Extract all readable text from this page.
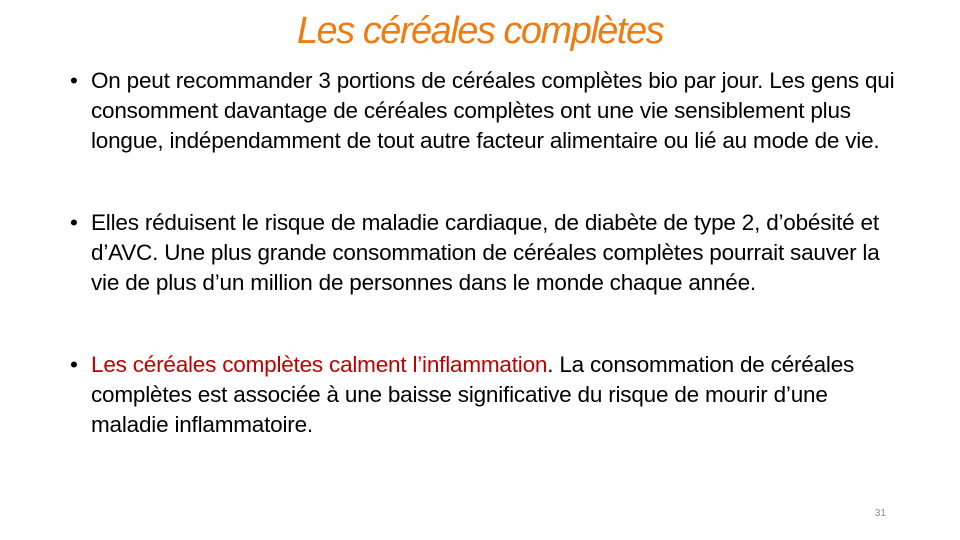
Les céréales complètes
• On peut recommander 3 portions de céréales complètes bio par jour. Les gens qui consomment davantage de céréales complètes ont une vie sensiblement plus longue, indépendamment de tout autre facteur alimentaire ou lié au mode de vie.
• Elles réduisent le risque de maladie cardiaque, de diabète de type 2, d’obésité et d’AVC. Une plus grande consommation de céréales complètes pourrait sauver la vie de plus d’un million de personnes dans le monde chaque année.
• Les céréales complètes calment l’inflammation. La consommation de céréales complètes est associée à une baisse significative du risque de mourir d’une maladie inflammatoire.
31
